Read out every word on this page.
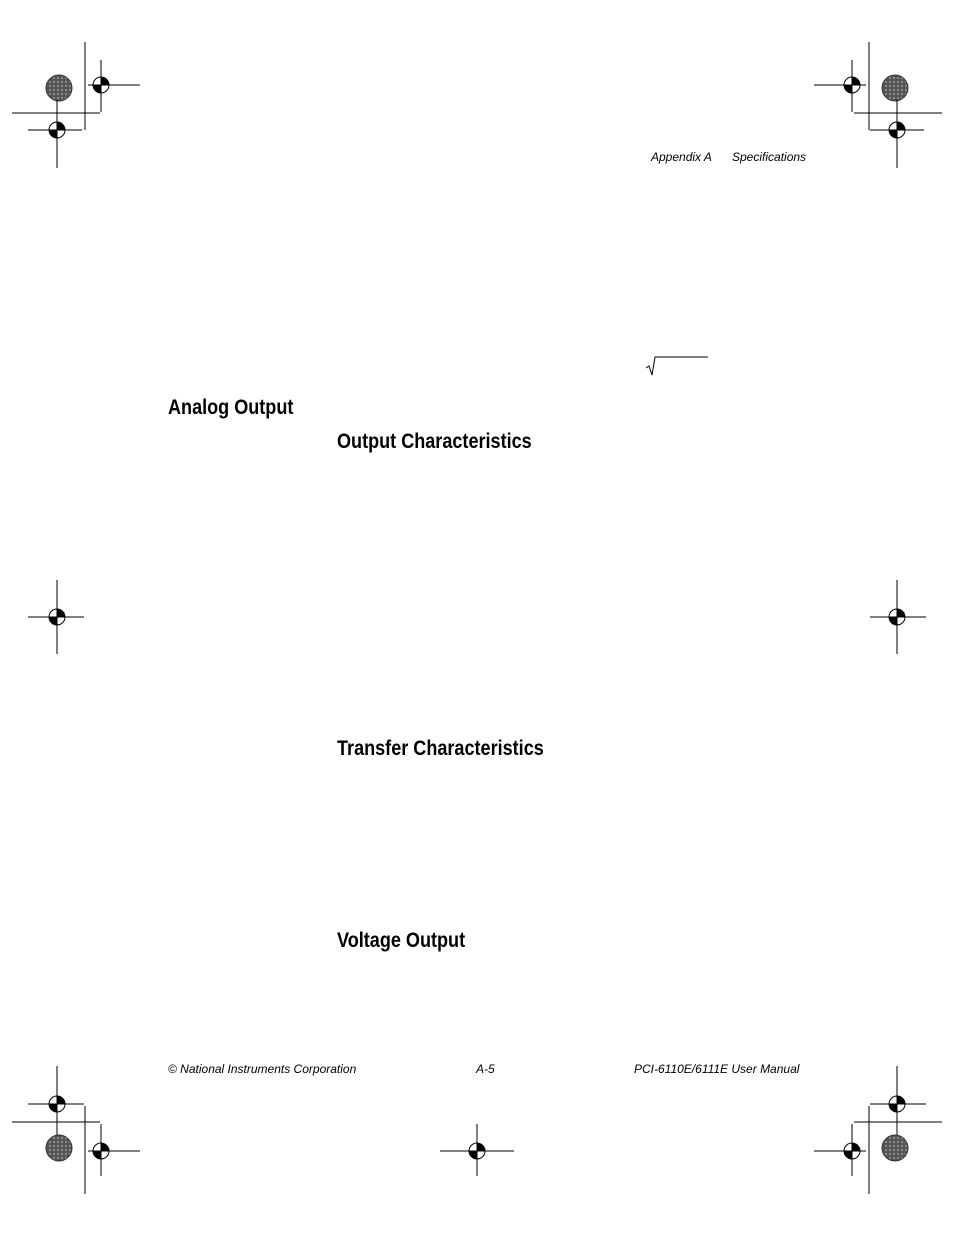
Appendix A Specifications
Analog Output
Output Characteristics
Transfer Characteristics
Voltage Output
© National Instruments Corporation	A-5	PCI-6110E/6111E User Manual
